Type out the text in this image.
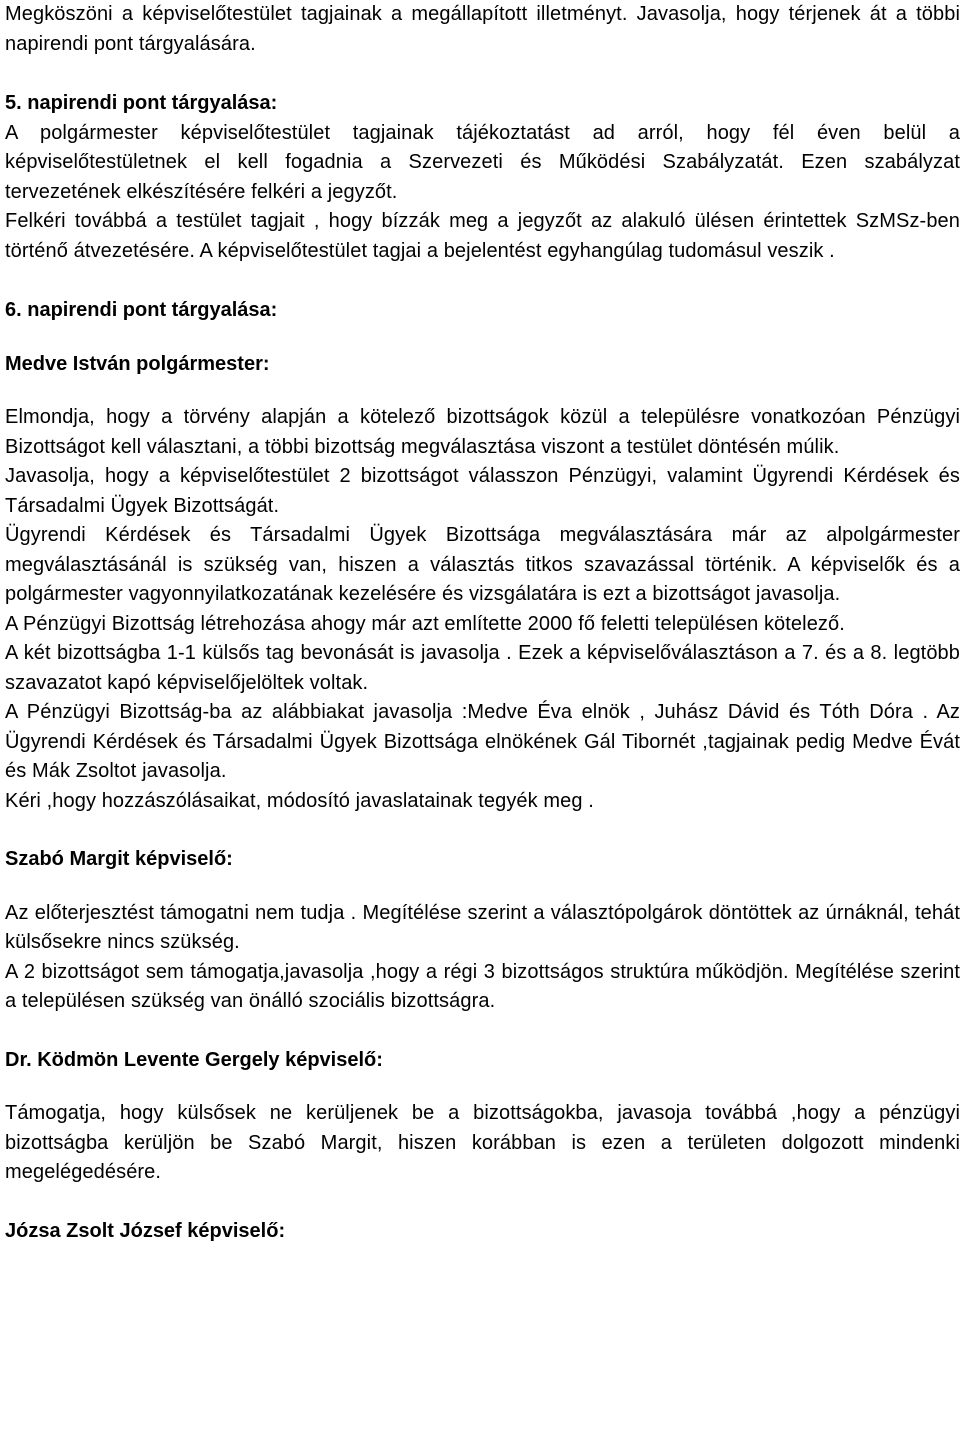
Megköszöni a képviselőtestület tagjainak a megállapított illetményt. Javasolja, hogy térjenek át a többi napirendi pont tárgyalására.

5. napirendi pont tárgyalása:

A polgármester képviselőtestület tagjainak tájékoztatást ad arról, hogy fél éven belül a képviselőtestületnek el kell fogadnia a Szervezeti és Működési Szabályzatát. Ezen szabályzat tervezetének elkészítésére felkéri a jegyzőt.

Felkéri továbbá a testület tagjait , hogy bízzák meg a jegyzőt az alakuló ülésen érintettek SzMSz-ben történő átvezetésére. A képviselőtestület tagjai a bejelentést egyhangúlag tudomásul veszik .

6. napirendi pont tárgyalása:

Medve István polgármester:

Elmondja, hogy a törvény alapján a kötelező bizottságok közül a településre vonatkozóan Pénzügyi Bizottságot kell választani, a többi bizottság megválasztása viszont a testület döntésén múlik.

Javasolja, hogy a képviselőtestület 2 bizottságot válasszon Pénzügyi, valamint Ügyrendi Kérdések és Társadalmi Ügyek Bizottságát.

Ügyrendi Kérdések és Társadalmi Ügyek Bizottsága megválasztására már az alpolgármester megválasztásánál is szükség van, hiszen a választás titkos szavazással történik. A képviselők és a polgármester vagyonnyilatkozatának kezelésére és vizsgálatára is ezt a bizottságot javasolja.

A Pénzügyi Bizottság létrehozása ahogy már azt említette 2000 fő feletti településen kötelező.

A két bizottságba 1-1 külsős tag bevonását is javasolja . Ezek a képviselőválasztáson a 7. és a 8. legtöbb szavazatot kapó képviselőjelöltek voltak.

A Pénzügyi Bizottság-ba az alábbiakat javasolja :Medve Éva elnök , Juhász Dávid és Tóth Dóra . Az Ügyrendi Kérdések és Társadalmi Ügyek Bizottsága elnökének Gál Tibornét ,tagjainak pedig Medve Évát és Mák Zsoltot javasolja.

Kéri ,hogy hozzászólásaikat, módosító javaslatainak tegyék meg .

Szabó Margit képviselő:

Az előterjesztést támogatni nem tudja . Megítélése szerint a választópolgárok döntöttek az úrnáknál, tehát külsősekre nincs szükség.

A 2 bizottságot sem támogatja,javasolja ,hogy a régi 3 bizottságos struktúra működjön. Megítélése szerint a településen szükség van önálló szociális bizottságra.

Dr. Ködmön Levente Gergely képviselő:

Támogatja, hogy külsősek ne kerüljenek be a bizottságokba, javasoja továbbá ,hogy a pénzügyi bizottságba kerüljön be Szabó Margit, hiszen korábban is ezen a területen dolgozott mindenki megelégedésére.

Józsa Zsolt József képviselő:
